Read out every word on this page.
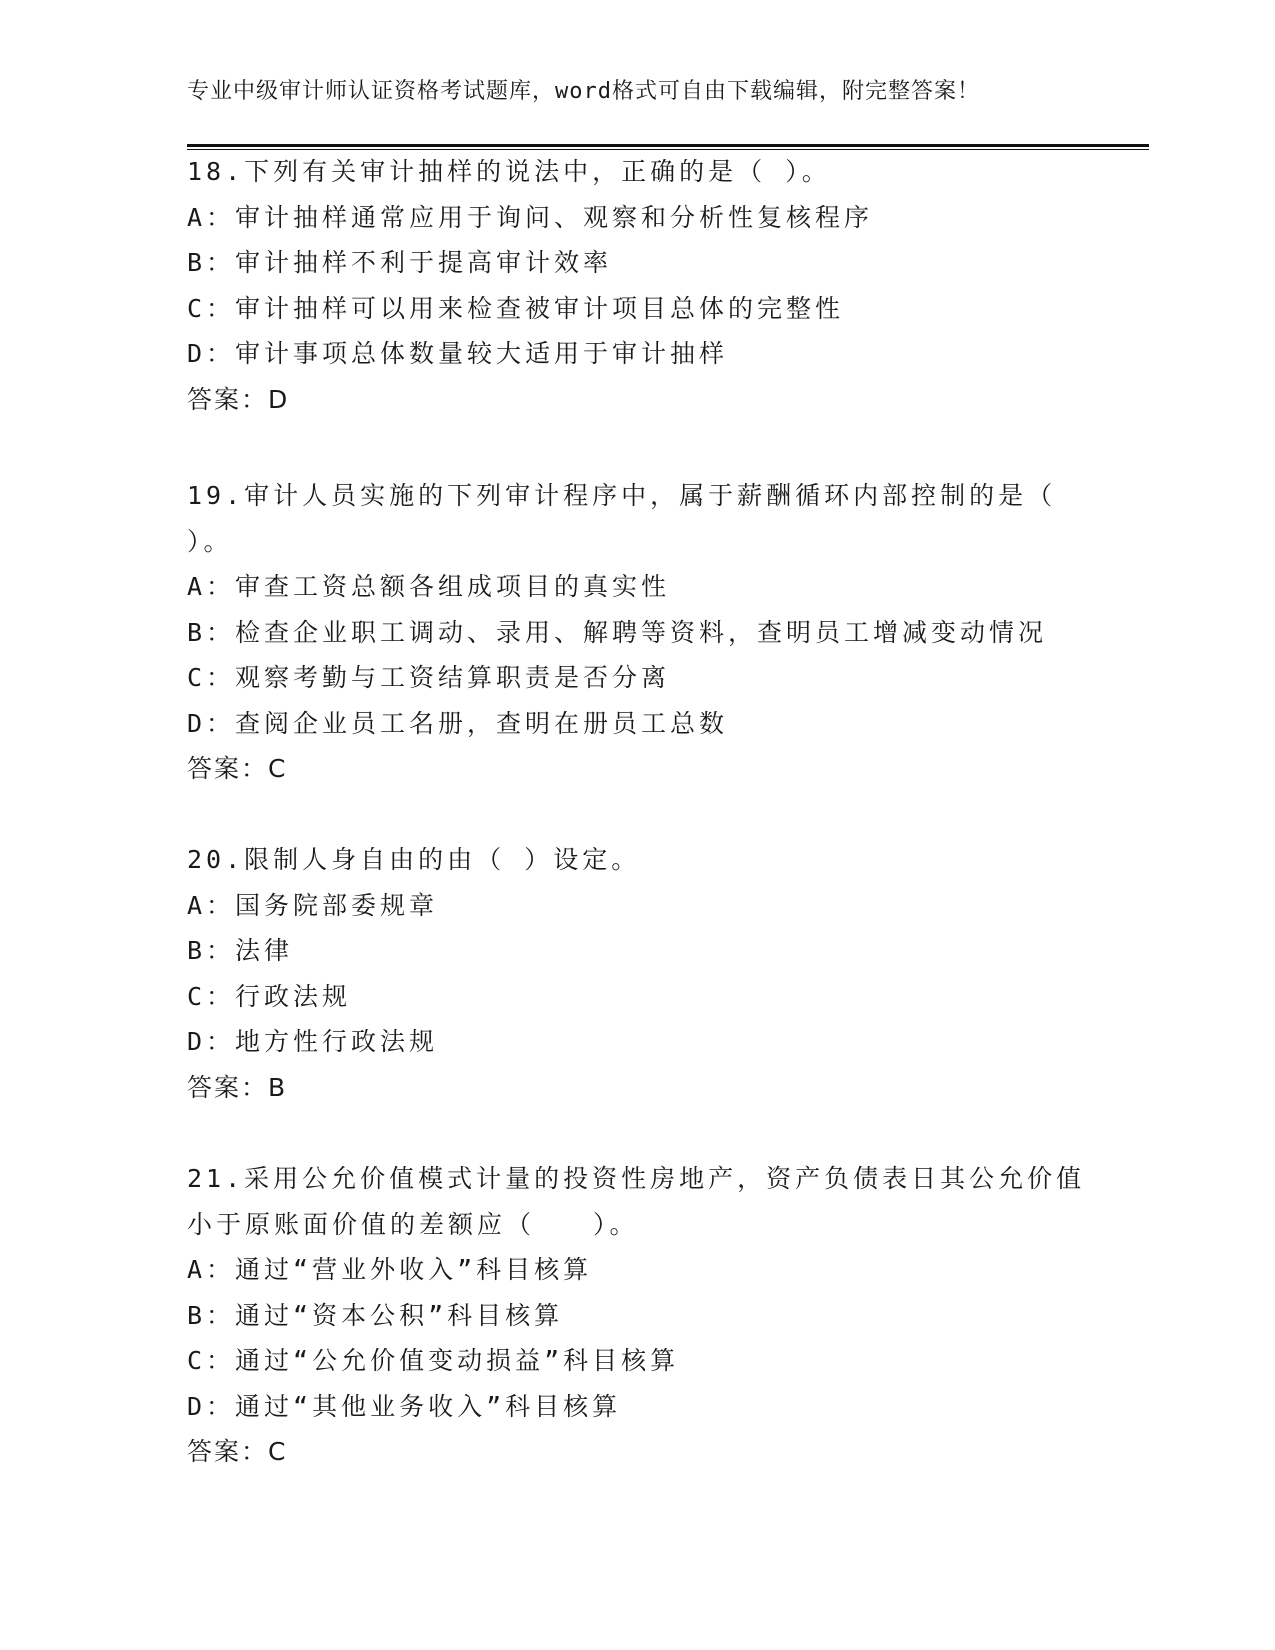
专业中级审计师认证资格考试题库，word格式可自由下载编辑，附完整答案！
18.下列有关审计抽样的说法中，正确的是（ ）。
A：审计抽样通常应用于询问、观察和分析性复核程序
B：审计抽样不利于提高审计效率
C：审计抽样可以用来检查被审计项目总体的完整性
D：审计事项总体数量较大适用于审计抽样
答案：D
19.审计人员实施的下列审计程序中，属于薪酬循环内部控制的是（
）。
A：审查工资总额各组成项目的真实性
B：检查企业职工调动、录用、解聘等资料，查明员工增减变动情况
C：观察考勤与工资结算职责是否分离
D：查阅企业员工名册，查明在册员工总数
答案：C
20.限制人身自由的由（ ）设定。
A：国务院部委规章
B：法律
C：行政法规
D：地方性行政法规
答案：B
21.采用公允价值模式计量的投资性房地产，资产负债表日其公允价值
小于原账面价值的差额应（　　）。
A：通过“营业外收入”科目核算
B：通过“资本公积”科目核算
C：通过“公允价值变动损益”科目核算
D：通过“其他业务收入”科目核算
答案：C
